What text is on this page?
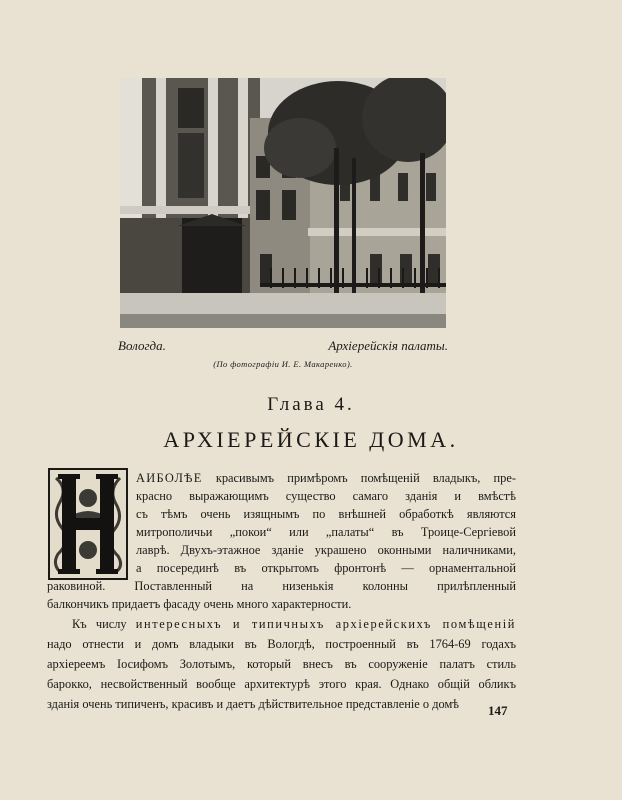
Вологда.	Архіерейскія палаты.
(По фотографіи И. Е. Макаренко).
Глава 4.
АРХІЕРЕЙСКІЕ ДОМА.
АИБОЛѢЕ красивымъ примѣромъ помѣщеній владыкъ, пре-
красно выражающимъ существо самаго зданія и вмѣстѣ
съ тѣмъ очень изящнымъ по внѣшней обработкѣ являются
митрополичьи „покои“ или „палаты“ въ Троице-Сергіевой
лаврѣ. Двухъ-этажное зданіе украшено оконными наличниками,
а посерединѣ въ открытомъ фронтонѣ — орнаментальной
раковиной. Поставленный на низенькія колонны прилѣпленный
балкончикъ придаетъ фасаду очень много характерности.
Къ числу интересныхъ и типичныхъ архіерейскихъ помѣщеній
надо отнести и домъ владыки въ Вологдѣ, построенный въ 1764-69 годахъ
архіереемъ Іосифомъ Золотымъ, который внесъ въ сооруженіе палатъ стиль
барокко, несвойственный вообще архитектурѣ этого края. Однако общій обликъ
зданія очень типиченъ, красивъ и даетъ дѣйствительное представленіе о домѣ 147
